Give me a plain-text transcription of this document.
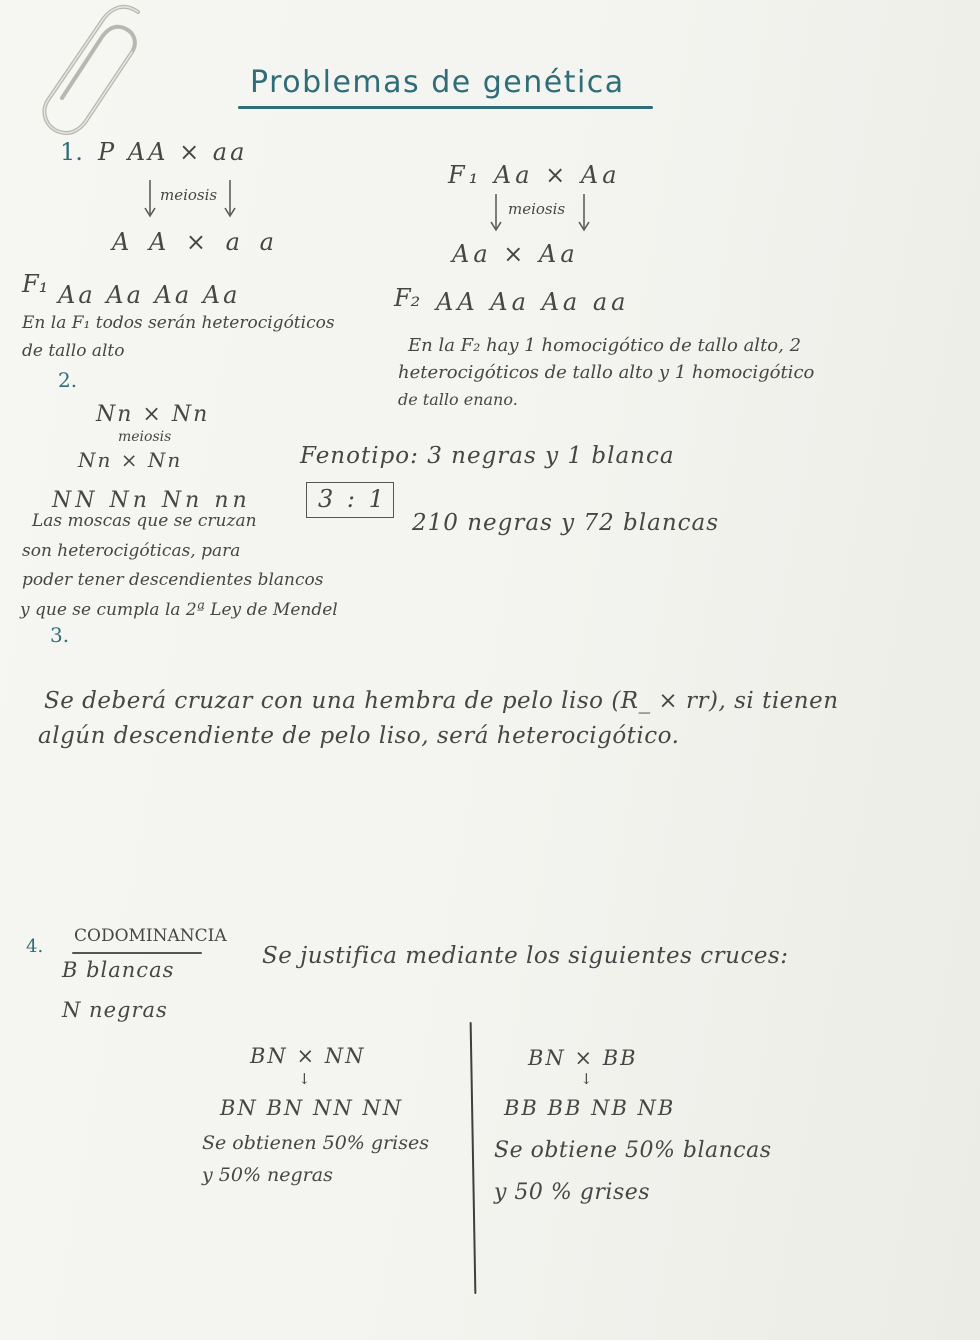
Problemas de genética
1. P AA × aa
meiosis
A A × a a
F₁ Aa Aa Aa Aa
En la F₁ todos serán heterocigóticos
de tallo alto
F₁ Aa × Aa
meiosis
Aa × Aa
F₂ AA Aa Aa aa
En la F₂ hay 1 homocigótico de tallo alto, 2
heterocigóticos de tallo alto y 1 homocigótico
de tallo enano.
2.
Nn × Nn
meiosis
Nn × Nn
NN Nn Nn nn
Las moscas que se cruzan
son heterocigóticas, para
poder tener descendientes blancos
y que se cumpla la 2ª Ley de Mendel
Fenotipo: 3 negras y 1 blanca
3 : 1
210 negras y 72 blancas
3.
Se deberá cruzar con una hembra de pelo liso (R_ × rr), si tienen
algún descendiente de pelo liso, será heterocigótico.
4. CODOMINANCIA
B blancas
N negras
Se justifica mediante los siguientes cruces:
BN × NN
↓
BN BN NN NN
Se obtienen 50% grises
y 50% negras
BN × BB
↓
BB BB NB NB
Se obtiene 50% blancas
y 50 % grises
